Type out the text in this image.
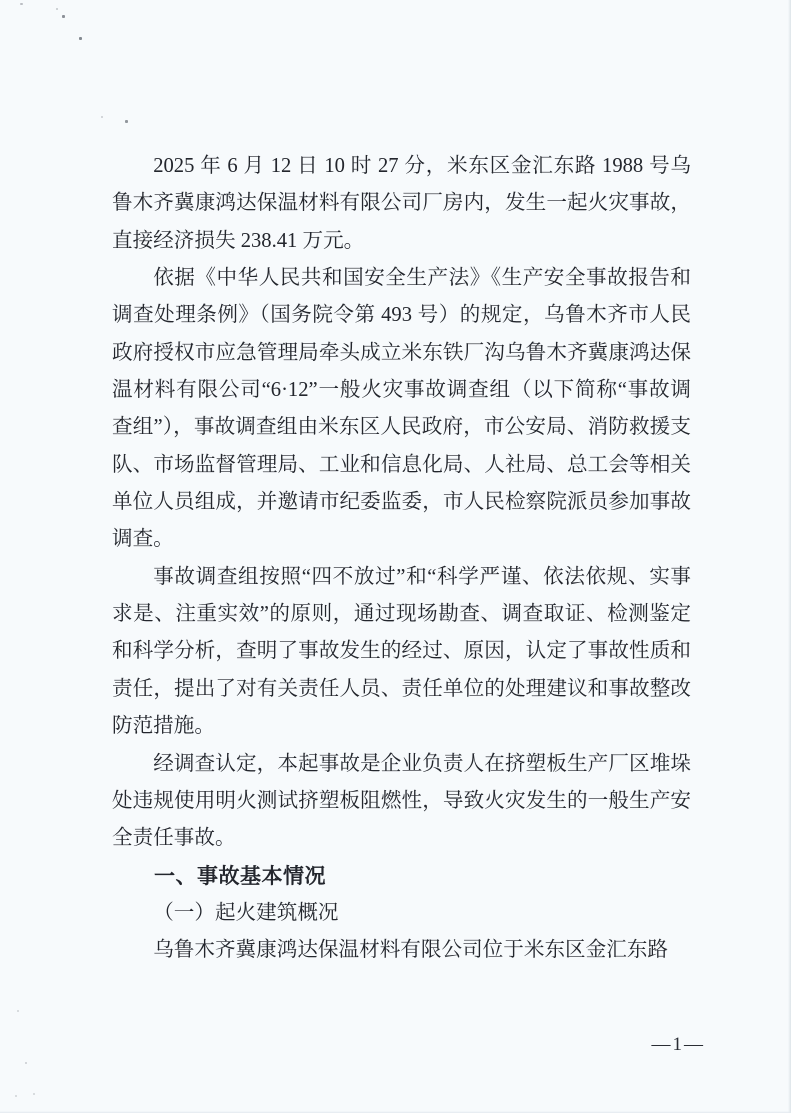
2025 年 6 月 12 日 10 时 27 分，米东区金汇东路 1988 号乌鲁木齐冀康鸿达保温材料有限公司厂房内，发生一起火灾事故，直接经济损失 238.41 万元。

依据《中华人民共和国安全生产法》《生产安全事故报告和调查处理条例》（国务院令第 493 号）的规定，乌鲁木齐市人民政府授权市应急管理局牵头成立米东铁厂沟乌鲁木齐冀康鸿达保温材料有限公司“6·12”一般火灾事故调查组（以下简称“事故调查组”），事故调查组由米东区人民政府，市公安局、消防救援支队、市场监督管理局、工业和信息化局、人社局、总工会等相关单位人员组成，并邀请市纪委监委，市人民检察院派员参加事故调查。

事故调查组按照“四不放过”和“科学严谨、依法依规、实事求是、注重实效”的原则，通过现场勘查、调查取证、检测鉴定和科学分析，查明了事故发生的经过、原因，认定了事故性质和责任，提出了对有关责任人员、责任单位的处理建议和事故整改防范措施。

经调查认定，本起事故是企业负责人在挤塑板生产厂区堆垛处违规使用明火测试挤塑板阻燃性，导致火灾发生的一般生产安全责任事故。

一、事故基本情况

（一）起火建筑概况

乌鲁木齐冀康鸿达保温材料有限公司位于米东区金汇东路

—1—
